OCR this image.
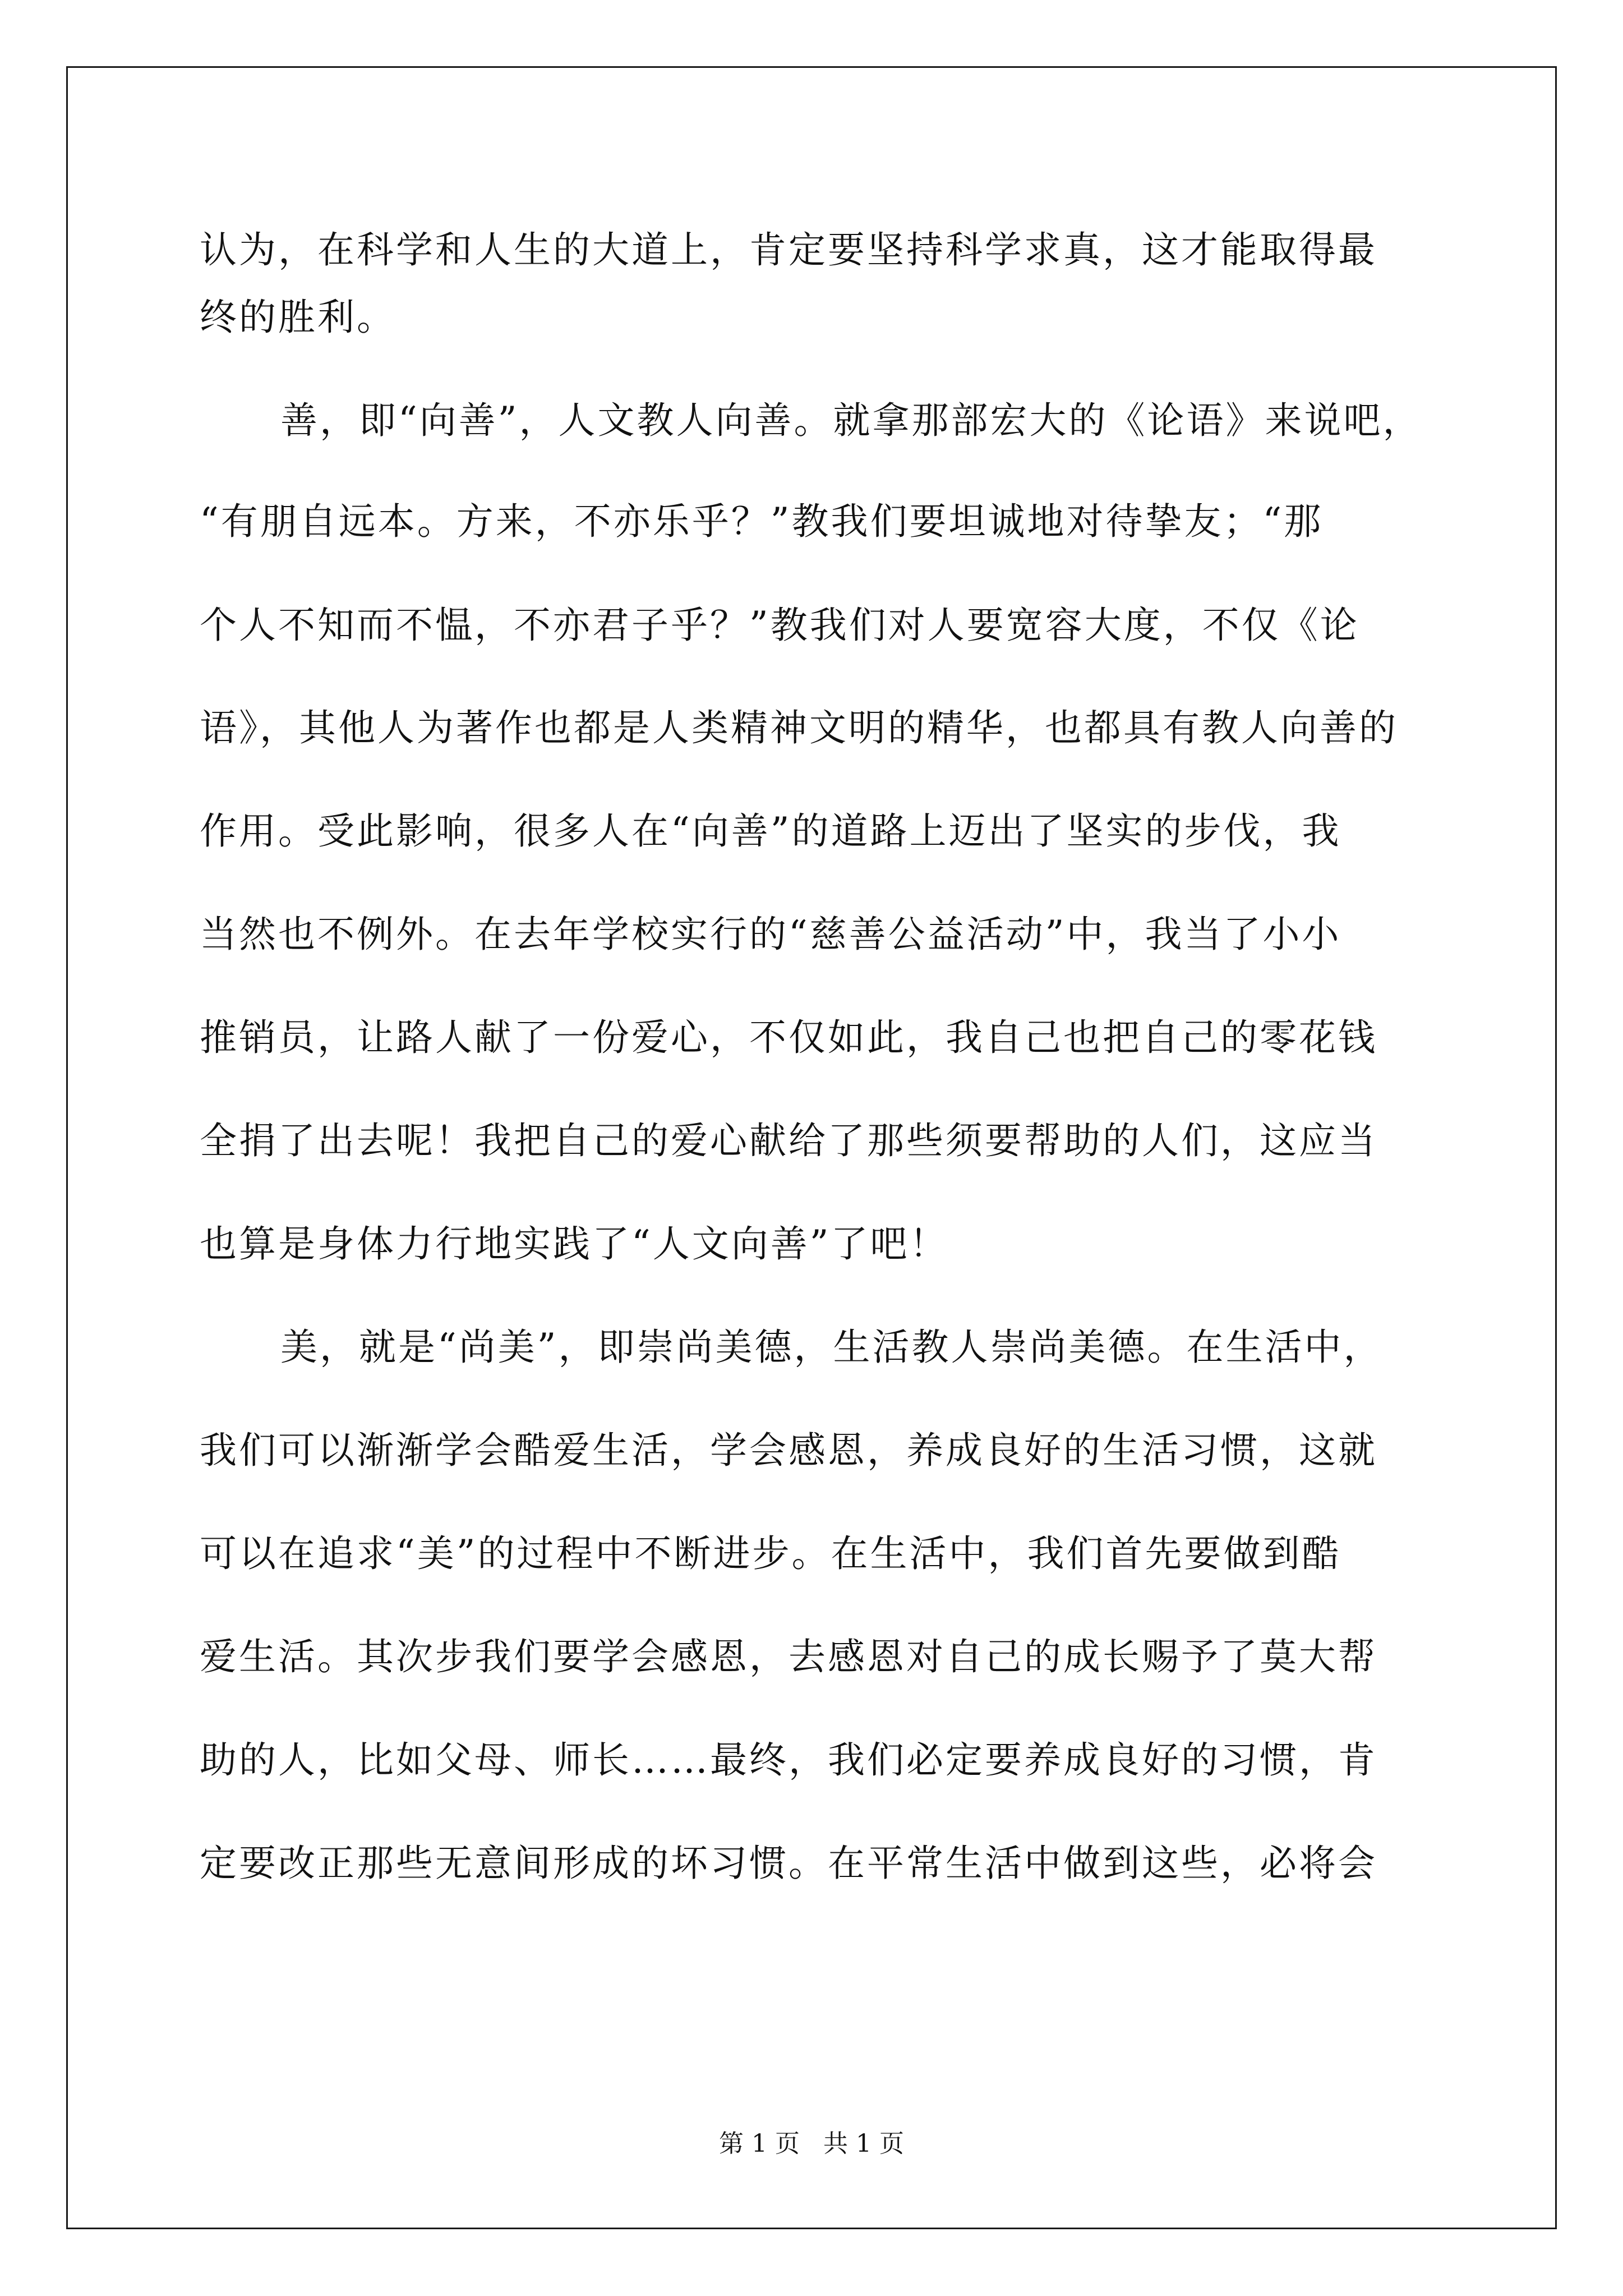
认为，在科学和人生的大道上，肯定要坚持科学求真，这才能取得最
终的胜利。
善，即“向善”，人文教人向善。就拿那部宏大的《论语》来说吧，
“有朋自远本。方来，不亦乐乎？”教我们要坦诚地对待挚友；“那
个人不知而不愠，不亦君子乎？”教我们对人要宽容大度，不仅《论
语》，其他人为著作也都是人类精神文明的精华，也都具有教人向善的
作用。受此影响，很多人在“向善”的道路上迈出了坚实的步伐，我
当然也不例外。在去年学校实行的“慈善公益活动”中，我当了小小
推销员，让路人献了一份爱心，不仅如此，我自己也把自己的零花钱
全捐了出去呢！我把自己的爱心献给了那些须要帮助的人们，这应当
也算是身体力行地实践了“人文向善”了吧！
美，就是“尚美”，即崇尚美德，生活教人崇尚美德。在生活中，
我们可以渐渐学会酷爱生活，学会感恩，养成良好的生活习惯，这就
可以在追求“美”的过程中不断进步。在生活中，我们首先要做到酷
爱生活。其次步我们要学会感恩，去感恩对自己的成长赐予了莫大帮
助的人，比如父母、师长……最终，我们必定要养成良好的习惯，肯
定要改正那些无意间形成的坏习惯。在平常生活中做到这些，必将会
第 1 页   共 1 页
